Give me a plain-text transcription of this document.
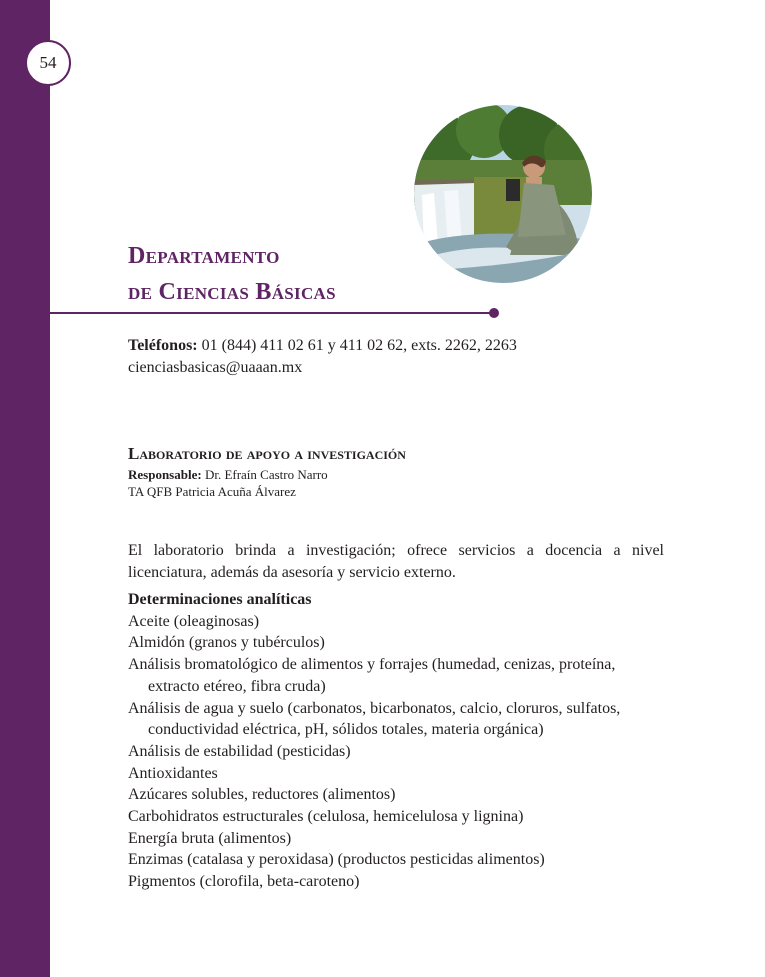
54
Departamento
de Ciencias Básicas
Teléfonos: 01 (844) 411 02 61 y 411 02 62, exts. 2262, 2263
cienciasbasicas@uaaan.mx
Laboratorio de apoyo a investigación
Responsable: Dr. Efraín Castro Narro
TA QFB Patricia Acuña Álvarez

El laboratorio brinda a investigación; ofrece servicios a docencia a nivel licenciatura, además da asesoría y servicio externo.

Determinaciones analíticas
Aceite (oleaginosas)
Almidón (granos y tubérculos)
Análisis bromatológico de alimentos y forrajes (humedad, cenizas, proteína, extracto etéreo, fibra cruda)
Análisis de agua y suelo (carbonatos, bicarbonatos, calcio, cloruros, sulfatos, conductividad eléctrica, pH, sólidos totales, materia orgánica)
Análisis de estabilidad (pesticidas)
Antioxidantes
Azúcares solubles, reductores (alimentos)
Carbohidratos estructurales (celulosa, hemicelulosa y lignina)
Energía bruta (alimentos)
Enzimas (catalasa y peroxidasa) (productos pesticidas alimentos)
Pigmentos (clorofila, beta-caroteno)
